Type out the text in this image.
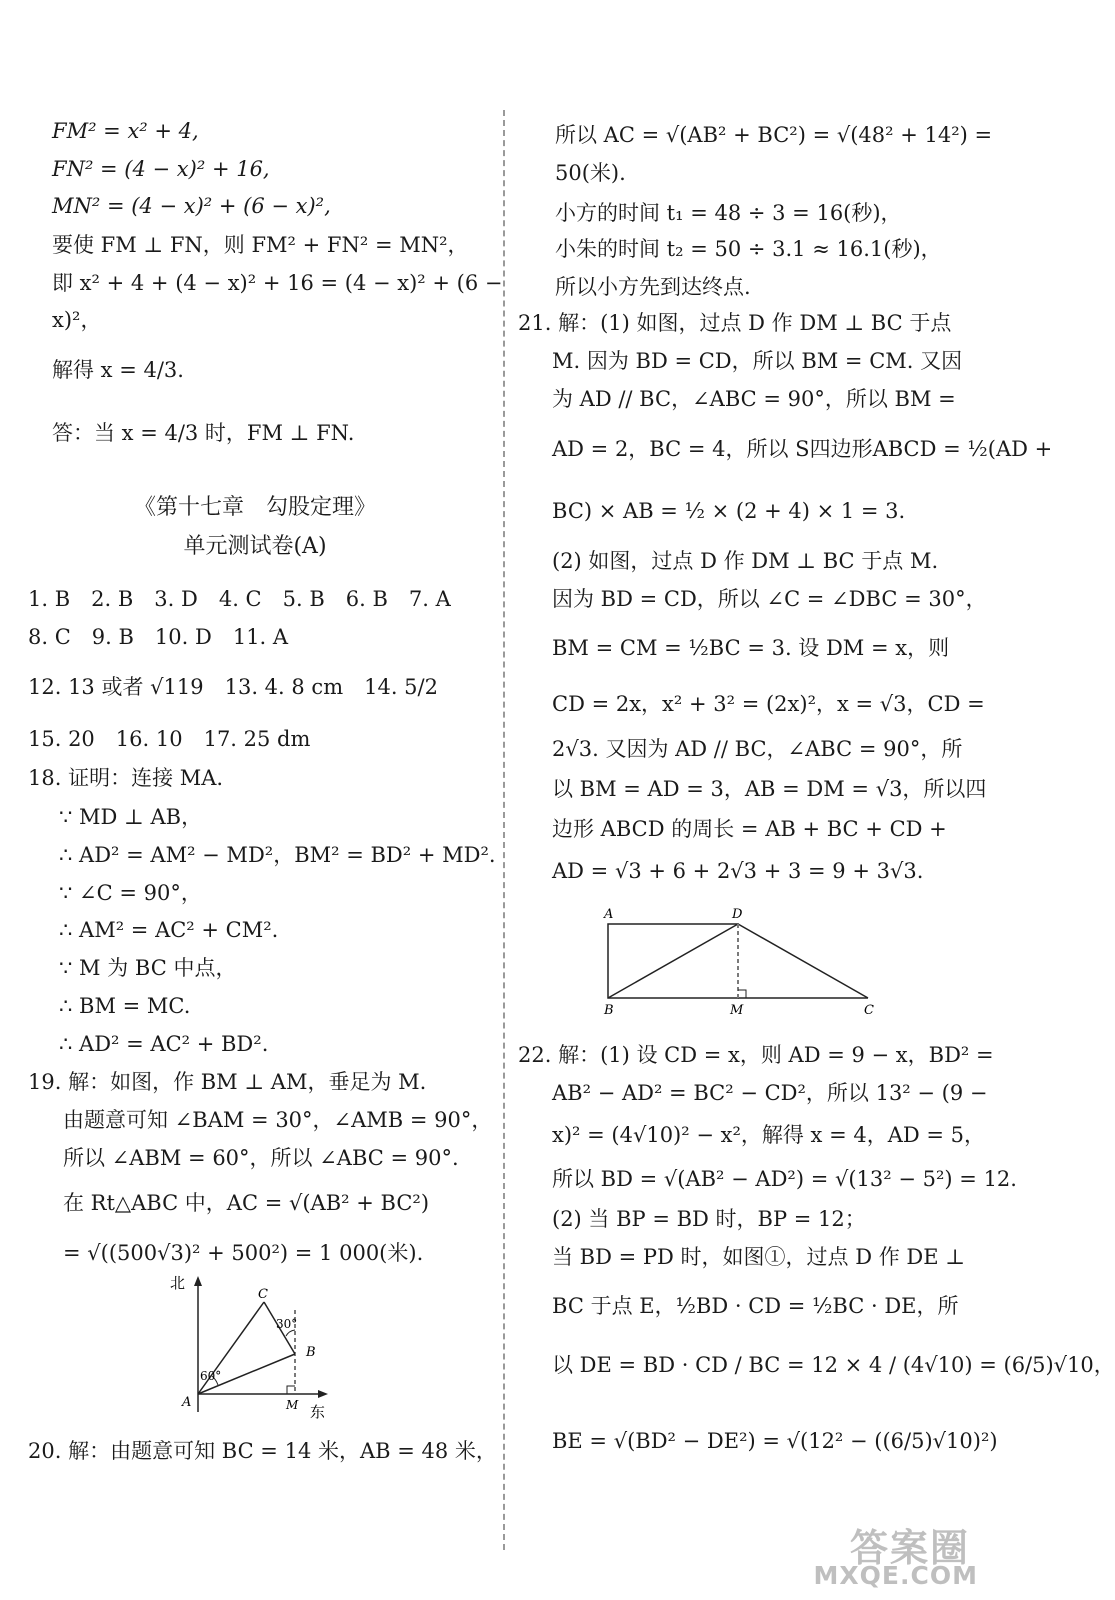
FM² = x² + 4,
FN² = (4 − x)² + 16,
MN² = (4 − x)² + (6 − x)²,
要使 FM ⊥ FN，则 FM² + FN² = MN²，
即 x² + 4 + (4 − x)² + 16 = (4 − x)² + (6 −
x)²，
解得 x = 4/3.
答：当 x = 4/3 时，FM ⊥ FN.
《第十七章　勾股定理》
单元测试卷(A)
1. B　2. B　3. D　4. C　5. B　6. B　7. A
8. C　9. B　10. D　11. A
12. 13 或者 √119　13. 4. 8 cm　14. 5/2
15. 20　16. 10　17. 25 dm
18. 证明：连接 MA.
∵ MD ⊥ AB，
∴ AD² = AM² − MD²，BM² = BD² + MD².
∵ ∠C = 90°，
∴ AM² = AC² + CM².
∵ M 为 BC 中点，
∴ BM = MC.
∴ AD² = AC² + BD².
19. 解：如图，作 BM ⊥ AM，垂足为 M.
由题意可知 ∠BAM = 30°，∠AMB = 90°，
所以 ∠ABM = 60°，所以 ∠ABC = 90°.
在 Rt△ABC 中，AC = √(AB² + BC²)
= √((500√3)² + 500²) = 1 000(米).
20. 解：由题意可知 BC = 14 米，AB = 48 米，
北
东
A
C
B
M
60°
30°
所以 AC = √(AB² + BC²) = √(48² + 14²) =
50(米).
小方的时间 t₁ = 48 ÷ 3 = 16(秒)，
小朱的时间 t₂ = 50 ÷ 3.1 ≈ 16.1(秒)，
所以小方先到达终点.
21. 解：(1) 如图，过点 D 作 DM ⊥ BC 于点
M. 因为 BD = CD，所以 BM = CM. 又因
为 AD // BC，∠ABC = 90°，所以 BM =
AD = 2，BC = 4，所以 S四边形ABCD = ½(AD +
BC) × AB = ½ × (2 + 4) × 1 = 3.
(2) 如图，过点 D 作 DM ⊥ BC 于点 M.
因为 BD = CD，所以 ∠C = ∠DBC = 30°，
BM = CM = ½BC = 3. 设 DM = x，则
CD = 2x，x² + 3² = (2x)²，x = √3，CD =
2√3. 又因为 AD // BC，∠ABC = 90°，所
以 BM = AD = 3，AB = DM = √3，所以四
边形 ABCD 的周长 = AB + BC + CD +
AD = √3 + 6 + 2√3 + 3 = 9 + 3√3.
22. 解：(1) 设 CD = x，则 AD = 9 − x，BD² =
AB² − AD² = BC² − CD²，所以 13² − (9 −
x)² = (4√10)² − x²，解得 x = 4，AD = 5，
所以 BD = √(AB² − AD²) = √(13² − 5²) = 12.
(2) 当 BP = BD 时，BP = 12；
当 BD = PD 时，如图①，过点 D 作 DE ⊥
BC 于点 E，½BD · CD = ½BC · DE，所
以 DE = BD · CD / BC = 12 × 4 / (4√10) = (6/5)√10，
BE = √(BD² − DE²) = √(12² − ((6/5)√10)²)
A	D
B	M	C
答案圈
MXQE.COM
